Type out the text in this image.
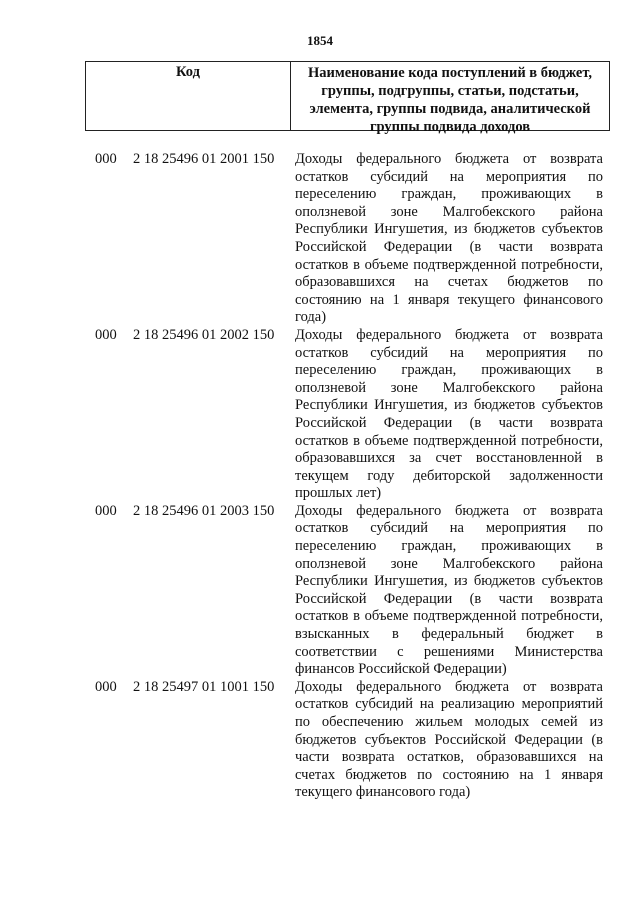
1854
Код	Наименование кода поступлений в бюджет, группы, подгруппы, статьи, подстатьи, элемента, группы подвида, аналитической группы подвида доходов
000 2 18 25496 01 2001 150 Доходы федерального бюджета от возврата остатков субсидий на мероприятия по переселению граждан, проживающих в оползневой зоне Малгобекского района Республики Ингушетия, из бюджетов субъектов Российской Федерации (в части возврата остатков в объеме подтвержденной потребности, образовавшихся на счетах бюджетов по состоянию на 1 января текущего финансового года)
000 2 18 25496 01 2002 150 Доходы федерального бюджета от возврата остатков субсидий на мероприятия по переселению граждан, проживающих в оползневой зоне Малгобекского района Республики Ингушетия, из бюджетов субъектов Российской Федерации (в части возврата остатков в объеме подтвержденной потребности, образовавшихся за счет восстановленной в текущем году дебиторской задолженности прошлых лет)
000 2 18 25496 01 2003 150 Доходы федерального бюджета от возврата остатков субсидий на мероприятия по переселению граждан, проживающих в оползневой зоне Малгобекского района Республики Ингушетия, из бюджетов субъектов Российской Федерации (в части возврата остатков в объеме подтвержденной потребности, взысканных в федеральный бюджет в соответствии с решениями Министерства финансов Российской Федерации)
000 2 18 25497 01 1001 150 Доходы федерального бюджета от возврата остатков субсидий на реализацию мероприятий по обеспечению жильем молодых семей из бюджетов субъектов Российской Федерации (в части возврата остатков, образовавшихся на счетах бюджетов по состоянию на 1 января текущего финансового года)
